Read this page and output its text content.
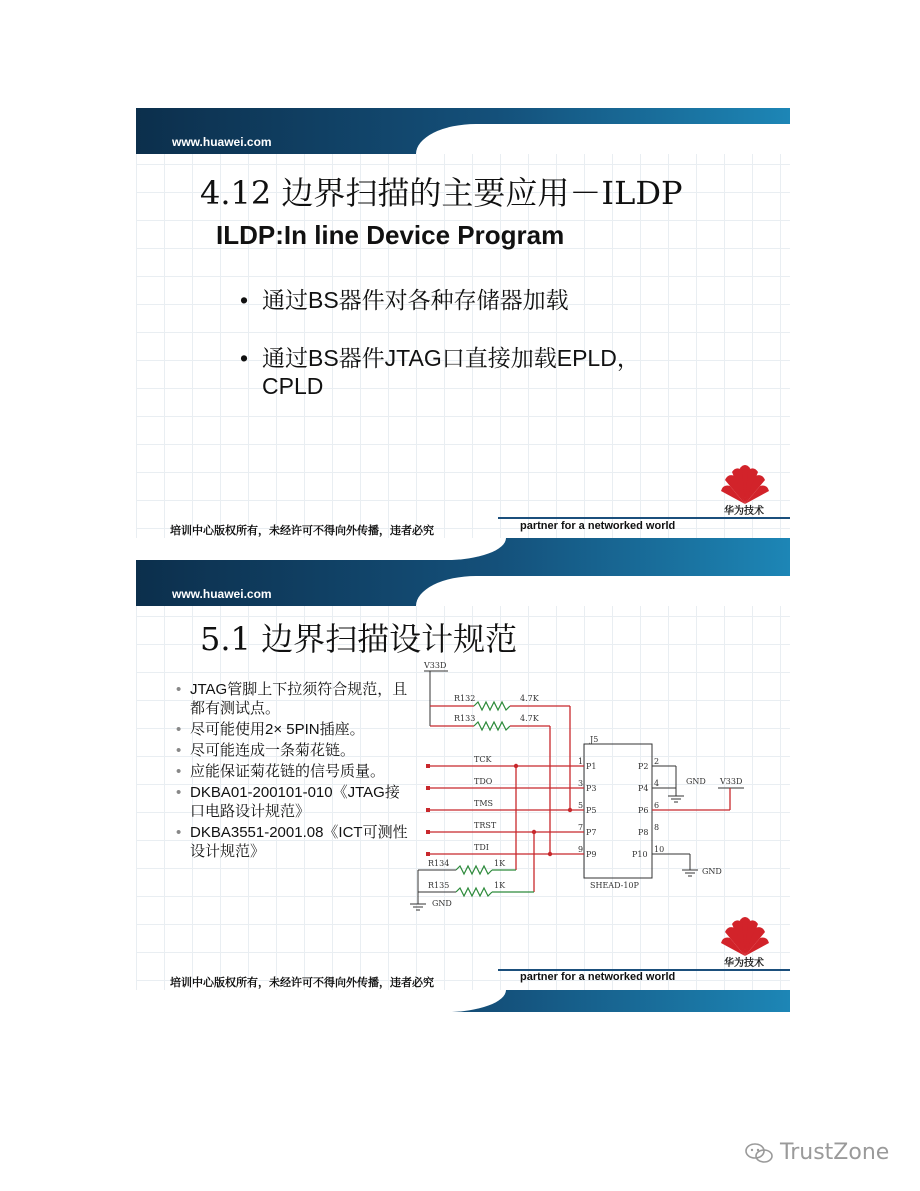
www.huawei.com
4.12 边界扫描的主要应用－ILDP
ILDP:In line Device Program
• 通过BS器件对各种存储器加载
• 通过BS器件JTAG口直接加载EPLD，CPLD
华为技术
培训中心版权所有，未经许可不得向外传播，违者必究	partner for a networked world
www.huawei.com
5.1 边界扫描设计规范
• JTAG管脚上下拉须符合规范，且都有测试点。
• 尽可能使用2× 5PIN插座。
• 尽可能连成一条菊花链。
• 应能保证菊花链的信号质量。
• DKBA01-200101-010《JTAG接口电路设计规范》
• DKBA3551-2001.08《ICT可测性设计规范》
V33D
R132	4.7K
R133	4.7K
J5
SHEAD-10P
TCK
TDO
TMS
TRST
TDI
R134	1K
R135	1K
GND
P1
P3
P5
P7
P9
1
3
5
7
9
P2
P4
P6
P8
P10
2
4
6
8
10
GND V33D
GND
华为技术
培训中心版权所有，未经许可不得向外传播，违者必究	partner for a networked world
TrustZone
